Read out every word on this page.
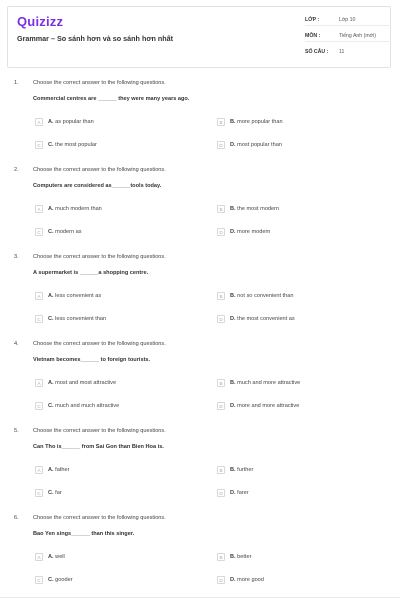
Quizizz
Grammar – So sánh hơn và so sánh hơn nhất
LỚP :	Lớp 10
MÔN :	Tiếng Anh (mới)
SỐ CÂU :	11
1.	Choose the correct answer to the following questions.
Commercial centres are ______ they were many years ago.
A	A. as popular than	B	B. more popular than
C	C. the most popular	D	D. most popular than
2.	Choose the correct answer to the following questions.
Computers are considered as______tools today.
A	A. much modern than	B	B. the most modern
C	C. modern as	D	D. more modern
3.	Choose the correct answer to the following questions.
A supermarket is ______a shopping centre.
A	A. less convenient as	B	B. not so convenient than
C	C. less convenient than	D	D. the most convenient as
4.	Choose the correct answer to the following questions.
Vietnam becomes______ to foreign tourists.
A	A. most and most attractive	B	B. much and more attractive
C	C. much and much attractive	D	D. more and more attractive
5.	Choose the correct answer to the following questions.
Can Tho is______ from Sai Gon than Bien Hoa is.
A	A. father	B	B. further
C	C. far	D	D. farer
6.	Choose the correct answer to the following questions.
Bao Yen sings______ than this singer.
A	A. well	B	B. better
C	C. gooder	D	D. more good
